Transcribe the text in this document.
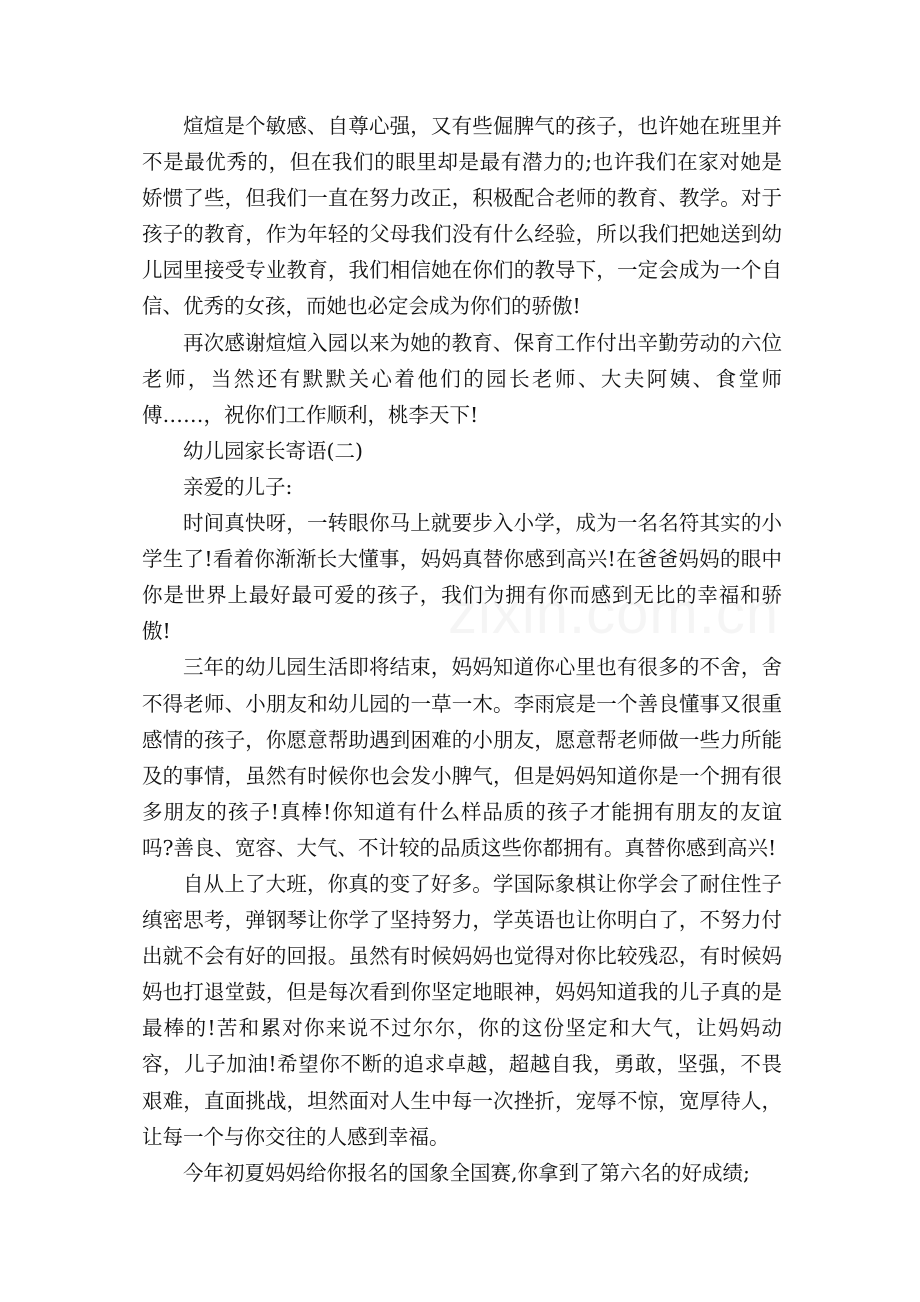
煊煊是个敏感、自尊心强，又有些倔脾气的孩子，也许她在班里并不是最优秀的，但在我们的眼里却是最有潜力的;也许我们在家对她是娇惯了些，但我们一直在努力改正，积极配合老师的教育、教学。对于孩子的教育，作为年轻的父母我们没有什么经验，所以我们把她送到幼儿园里接受专业教育，我们相信她在你们的教导下，一定会成为一个自信、优秀的女孩，而她也必定会成为你们的骄傲!

再次感谢煊煊入园以来为她的教育、保育工作付出辛勤劳动的六位老师，当然还有默默关心着他们的园长老师、大夫阿姨、食堂师傅……，祝你们工作顺利，桃李天下!

幼儿园家长寄语(二)

亲爱的儿子:

时间真快呀，一转眼你马上就要步入小学，成为一名名符其实的小学生了!看着你渐渐长大懂事，妈妈真替你感到高兴!在爸爸妈妈的眼中你是世界上最好最可爱的孩子，我们为拥有你而感到无比的幸福和骄傲!

三年的幼儿园生活即将结束，妈妈知道你心里也有很多的不舍，舍不得老师、小朋友和幼儿园的一草一木。李雨宸是一个善良懂事又很重感情的孩子，你愿意帮助遇到困难的小朋友，愿意帮老师做一些力所能及的事情，虽然有时候你也会发小脾气，但是妈妈知道你是一个拥有很多朋友的孩子!真棒!你知道有什么样品质的孩子才能拥有朋友的友谊吗?善良、宽容、大气、不计较的品质这些你都拥有。真替你感到高兴!

自从上了大班，你真的变了好多。学国际象棋让你学会了耐住性子缜密思考，弹钢琴让你学了坚持努力，学英语也让你明白了，不努力付出就不会有好的回报。虽然有时候妈妈也觉得对你比较残忍，有时候妈妈也打退堂鼓，但是每次看到你坚定地眼神，妈妈知道我的儿子真的是最棒的!苦和累对你来说不过尔尔，你的这份坚定和大气，让妈妈动容，儿子加油!希望你不断的追求卓越，超越自我，勇敢，坚强，不畏艰难，直面挑战，坦然面对人生中每一次挫折，宠辱不惊，宽厚待人，让每一个与你交往的人感到幸福。

今年初夏妈妈给你报名的国象全国赛,你拿到了第六名的好成绩;
